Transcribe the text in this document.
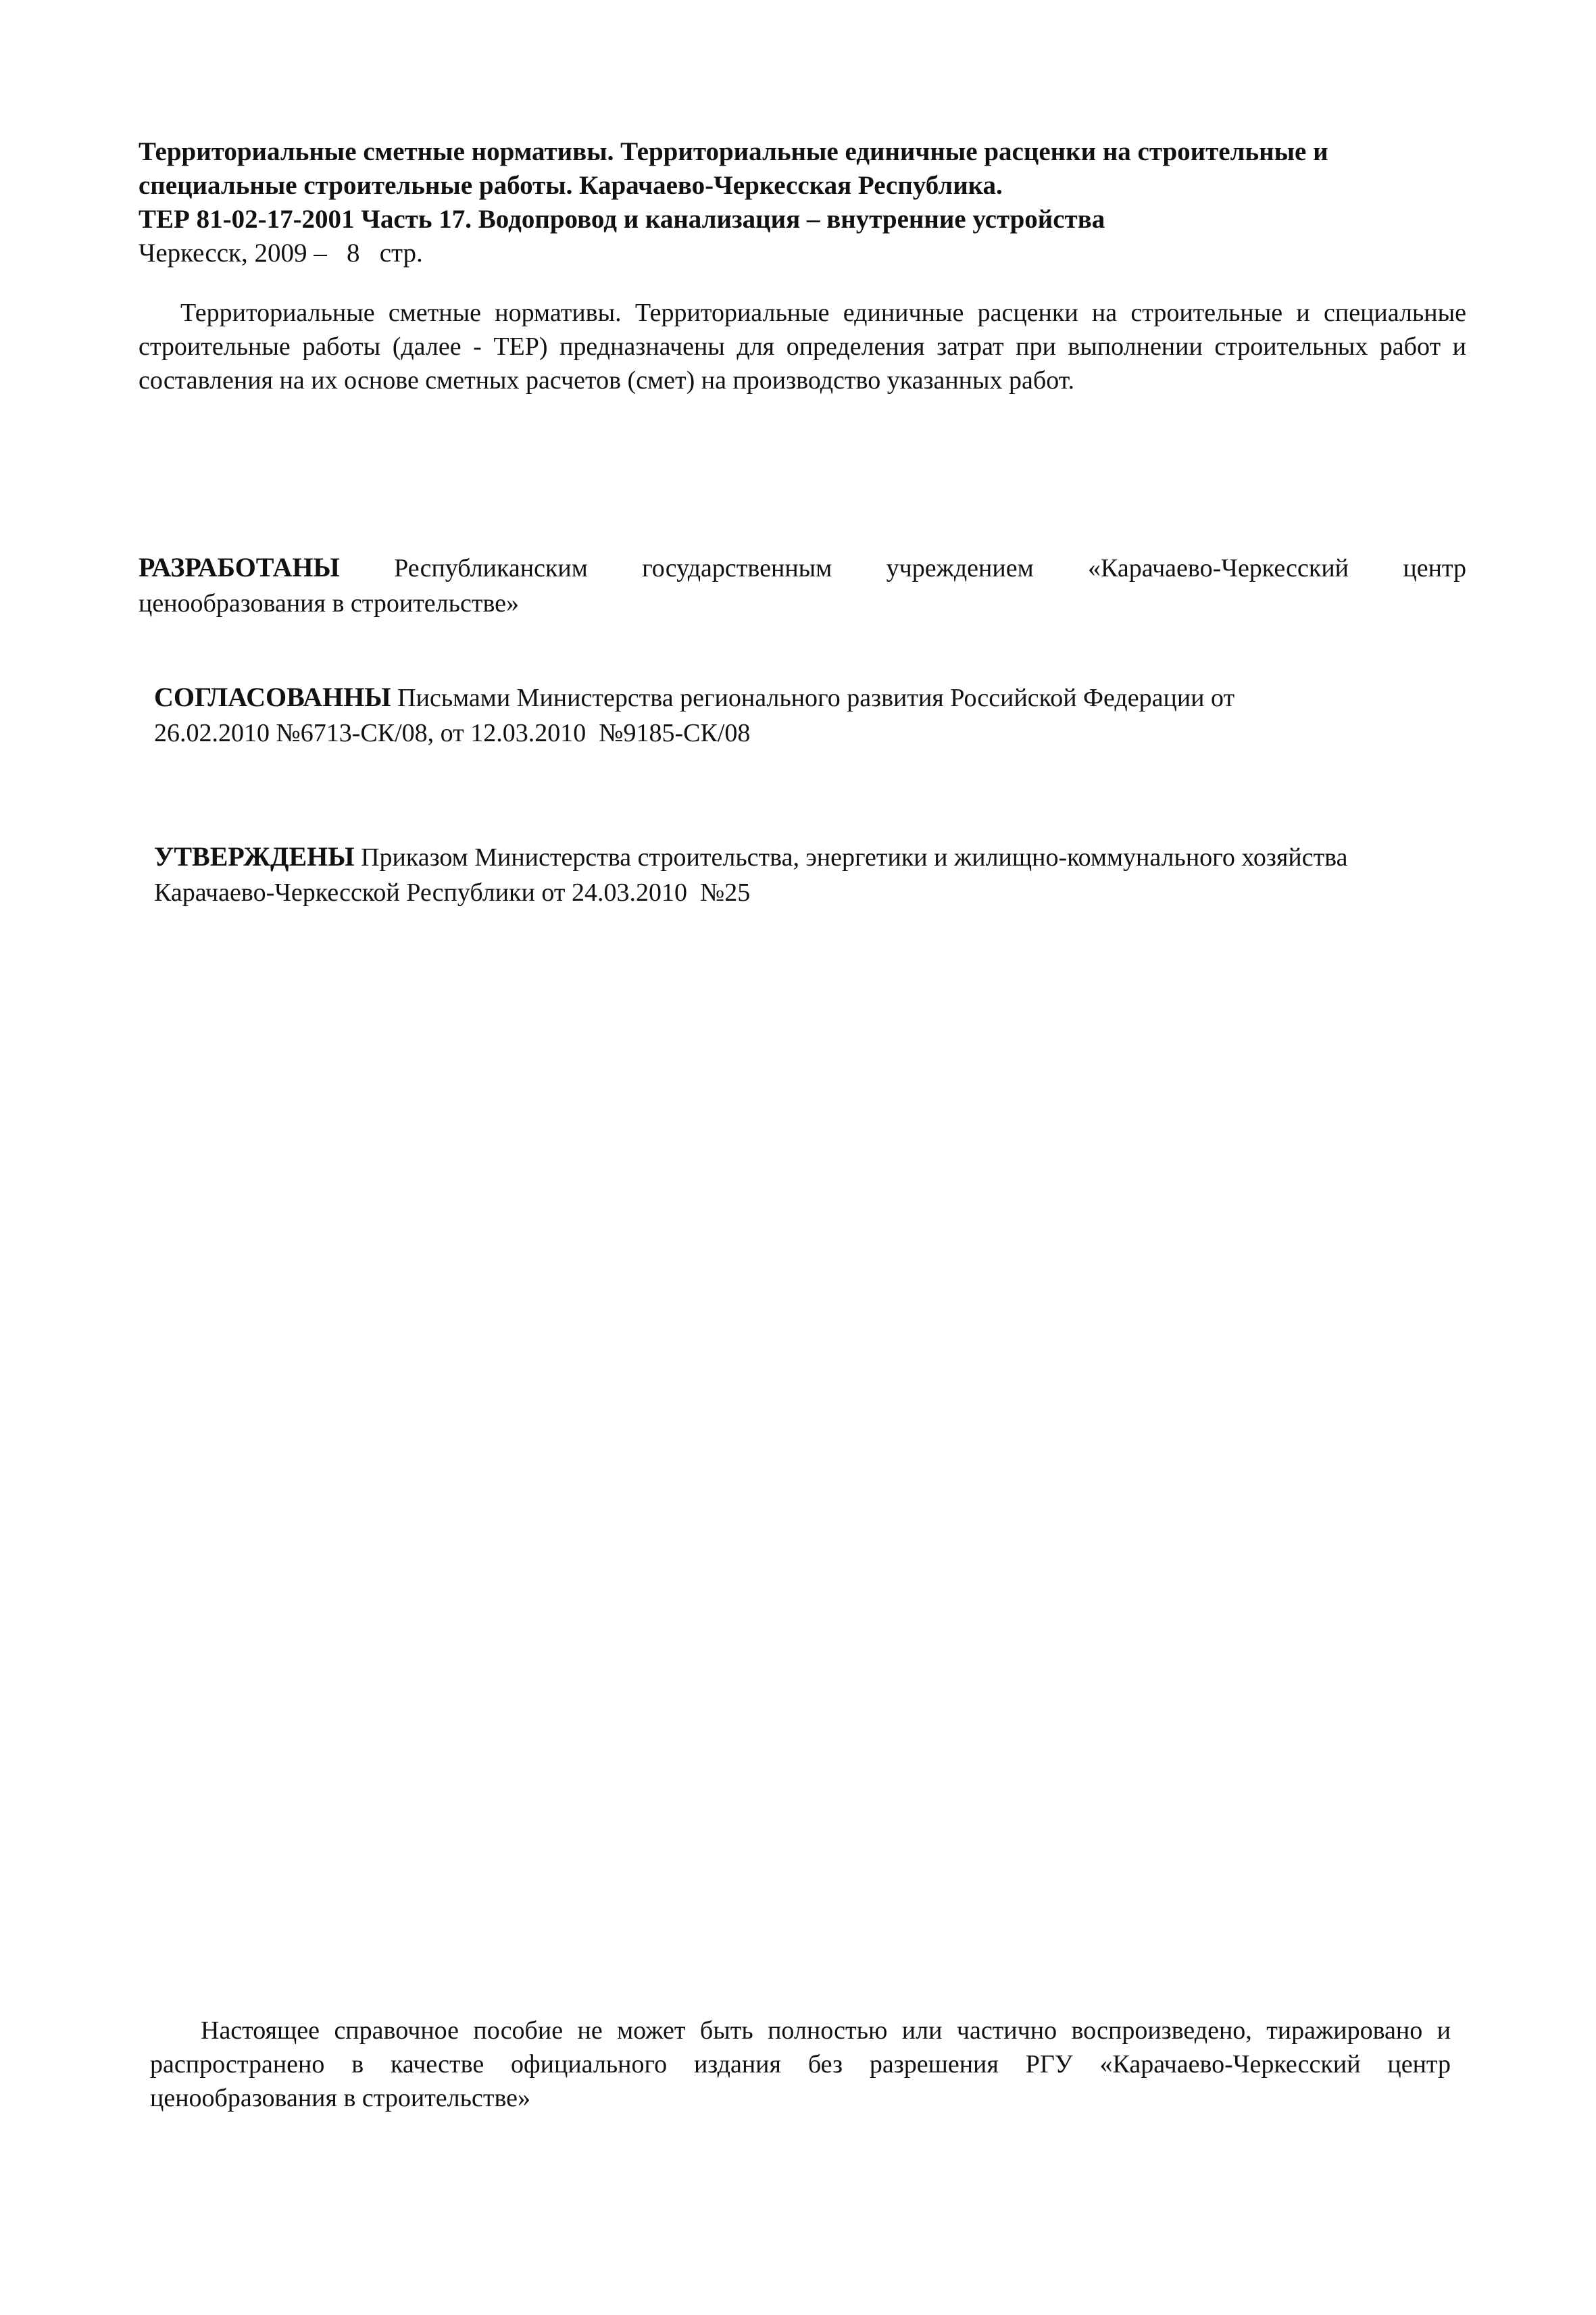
Территориальные сметные нормативы. Территориальные единичные расценки на строительные и
специальные строительные работы. Карачаево-Черкесская Республика.
ТЕР 81-02-17-2001 Часть 17. Водопровод и канализация – внутренние устройства
Черкесск, 2009 –   8   стр.
Территориальные сметные нормативы. Территориальные единичные расценки на строительные и специальные строительные работы (далее - ТЕР) предназначены для определения затрат при выполнении строительных работ и составления на их основе сметных расчетов (смет) на производство указанных работ.
РАЗРАБОТАНЫ Республиканским государственным учреждением «Карачаево-Черкесский центр
ценообразования в строительстве»
СОГЛАСОВАННЫ Письмами Министерства регионального развития Российской Федерации от
26.02.2010 №6713-СК/08, от 12.03.2010  №9185-СК/08
УТВЕРЖДЕНЫ Приказом Министерства строительства, энергетики и жилищно-коммунального хозяйства
Карачаево-Черкесской Республики от 24.03.2010  №25
Настоящее справочное пособие не может быть полностью или частично воспроизведено, тиражировано и распространено в качестве официального издания без разрешения РГУ «Карачаево-Черкесский центр ценообразования в строительстве»
